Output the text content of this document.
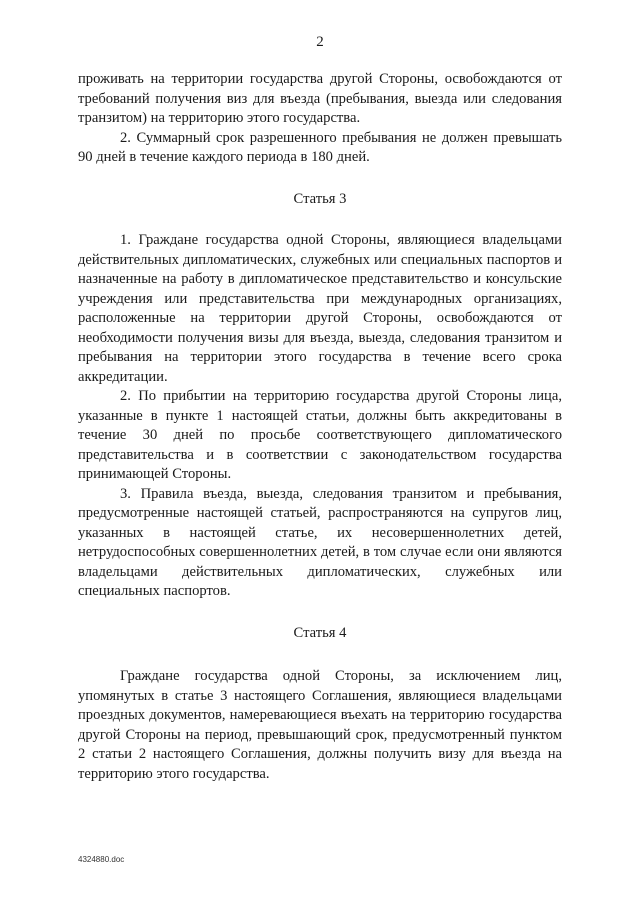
2

проживать на территории государства другой Стороны, освобождаются от требований получения виз для въезда (пребывания, выезда или следования транзитом) на территорию этого государства.

2. Суммарный срок разрешенного пребывания не должен превышать 90 дней в течение каждого периода в 180 дней.

Статья 3

1. Граждане государства одной Стороны, являющиеся владельцами действительных дипломатических, служебных или специальных паспортов и назначенные на работу в дипломатическое представительство и консульские учреждения или представительства при международных организациях, расположенные на территории другой Стороны, освобождаются от необходимости получения визы для въезда, выезда, следования транзитом и пребывания на территории этого государства в течение всего срока аккредитации.

2. По прибытии на территорию государства другой Стороны лица, указанные в пункте 1 настоящей статьи, должны быть аккредитованы в течение 30 дней по просьбе соответствующего дипломатического представительства и в соответствии с законодательством государства принимающей Стороны.

3. Правила въезда, выезда, следования транзитом и пребывания, предусмотренные настоящей статьей, распространяются на супругов лиц, указанных в настоящей статье, их несовершеннолетних детей, нетрудоспособных совершеннолетних детей, в том случае если они являются владельцами действительных дипломатических, служебных или специальных паспортов.

Статья 4

Граждане государства одной Стороны, за исключением лиц, упомянутых в статье 3 настоящего Соглашения, являющиеся владельцами проездных документов, намеревающиеся въехать на территорию государства другой Стороны на период, превышающий срок, предусмотренный пунктом 2 статьи 2 настоящего Соглашения, должны получить визу для въезда на территорию этого государства.

4324880.doc
